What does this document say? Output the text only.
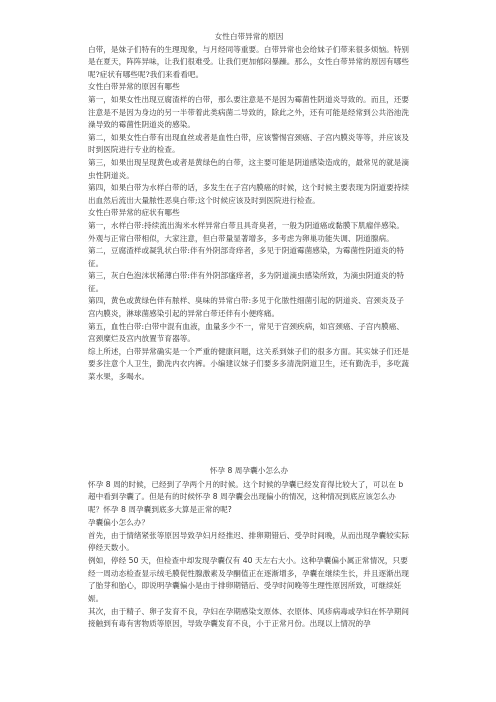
女性白带异常的原因

白带，是妹子们特有的生理现象，与月经同等重要。白带异常也会给妹子们带来很多烦恼。特别是在夏天，阵阵异味，让我们很难受。让我们更加郁闷暴躁。那么，女性白带异常的原因有哪些呢?症状有哪些呢?我们来看看吧。

女性白带异常的原因有哪些

第一，如果女性出现豆腐渣样的白带，那么要注意是不是因为霉菌性阴道炎导致的。而且，还要注意是不是因为身边的另一半带着此类病菌二导致的，除此之外，还有可能是经常到公共浴池洗澡导致的霉菌性阴道炎的感染。

第二，如果女性白带有出现血丝或者是血性白带，应该警惕宫颈癌、子宫内膜炎等等，并应该及时到医院进行专业的检查。

第三，如果出现呈现黄色或者是黄绿色的白带，这主要可能是阴道感染造成的，最常见的就是滴虫性阴道炎。

第四，如果白带为水样白带的话，多发生在子宫内膜癌的时候，这个时候主要表现为阴道要持续出血然后流出大量脓性恶臭白带;这个时候应该及时到医院进行检查。

女性白带异常的症状有哪些

第一，水样白带:持续流出淘米水样异常白带且具奇臭者，一般为阴道癌或黏膜下肌瘤伴感染。外观与正常白带相似，大家注意，但白带量显著增多，多考虑为卵巢功能失调、阴道腺病。

第二，豆腐渣样或凝乳状白带:伴有外阴部奇痒者，多见于阴道霉菌感染，为霉菌性阴道炎的特征。

第三，灰白色泡沫状稀薄白带:伴有外阴部瘙痒者，多为阴道滴虫感染所致，为滴虫阴道炎的特征。

第四，黄色或黄绿色伴有脓样、臭味的异常白带:多见于化脓性细菌引起的阴道炎、宫颈炎及子宫内膜炎，淋球菌感染引起的异常白带还伴有小便疼痛。

第五，血性白带:白带中混有血液，血量多少不一，常见于宫颈疾病，如宫颈癌、子宫内膜癌、宫颈糜烂及宫内放置节育器等。

综上所述，白带异常确实是一个严重的健康问题，这关系到妹子们的很多方面。其实妹子们还是要多注意个人卫生，勤洗内衣内裤。小编建议妹子们要多多清洗阴道卫生，还有勤洗手，多吃蔬菜水果，多喝水。

怀孕 8 周孕囊小怎么办

怀孕 8 周的时候，已经到了孕两个月的时候。这个时候的孕囊已经发育得比较大了，可以在 b 超中看到孕囊了。但是有的时候怀孕 8 周孕囊会出现偏小的情况，这种情况到底应该怎么办呢？怀孕 8 周孕囊到底多大算是正常的呢?

孕囊偏小怎么办？

首先，由于情绪紧张等原因导致孕妇月经推迟、排卵期错后、受孕时间晚，从而出现孕囊较实际停经天数小。

例如，停经 50 天，但检查中却发现孕囊仅有 40 天左右大小。这种孕囊偏小属正常情况，只要经一周动态检查显示绒毛膜促性腺激素及孕酮值正在逐渐增多，孕囊在继续生长，并且逐渐出现了胎芽和胎心，即说明孕囊偏小是由于排卵期错后、受孕时间晚等生理性原因所致，可继续妊娠。

其次，由于精子、卵子发育不良，孕妇在孕期感染支原体、衣原体、风疹病毒或孕妇在怀孕期间接触到有毒有害物质等原因，导致孕囊发育不良，小于正常月份。出现以上情况的孕
